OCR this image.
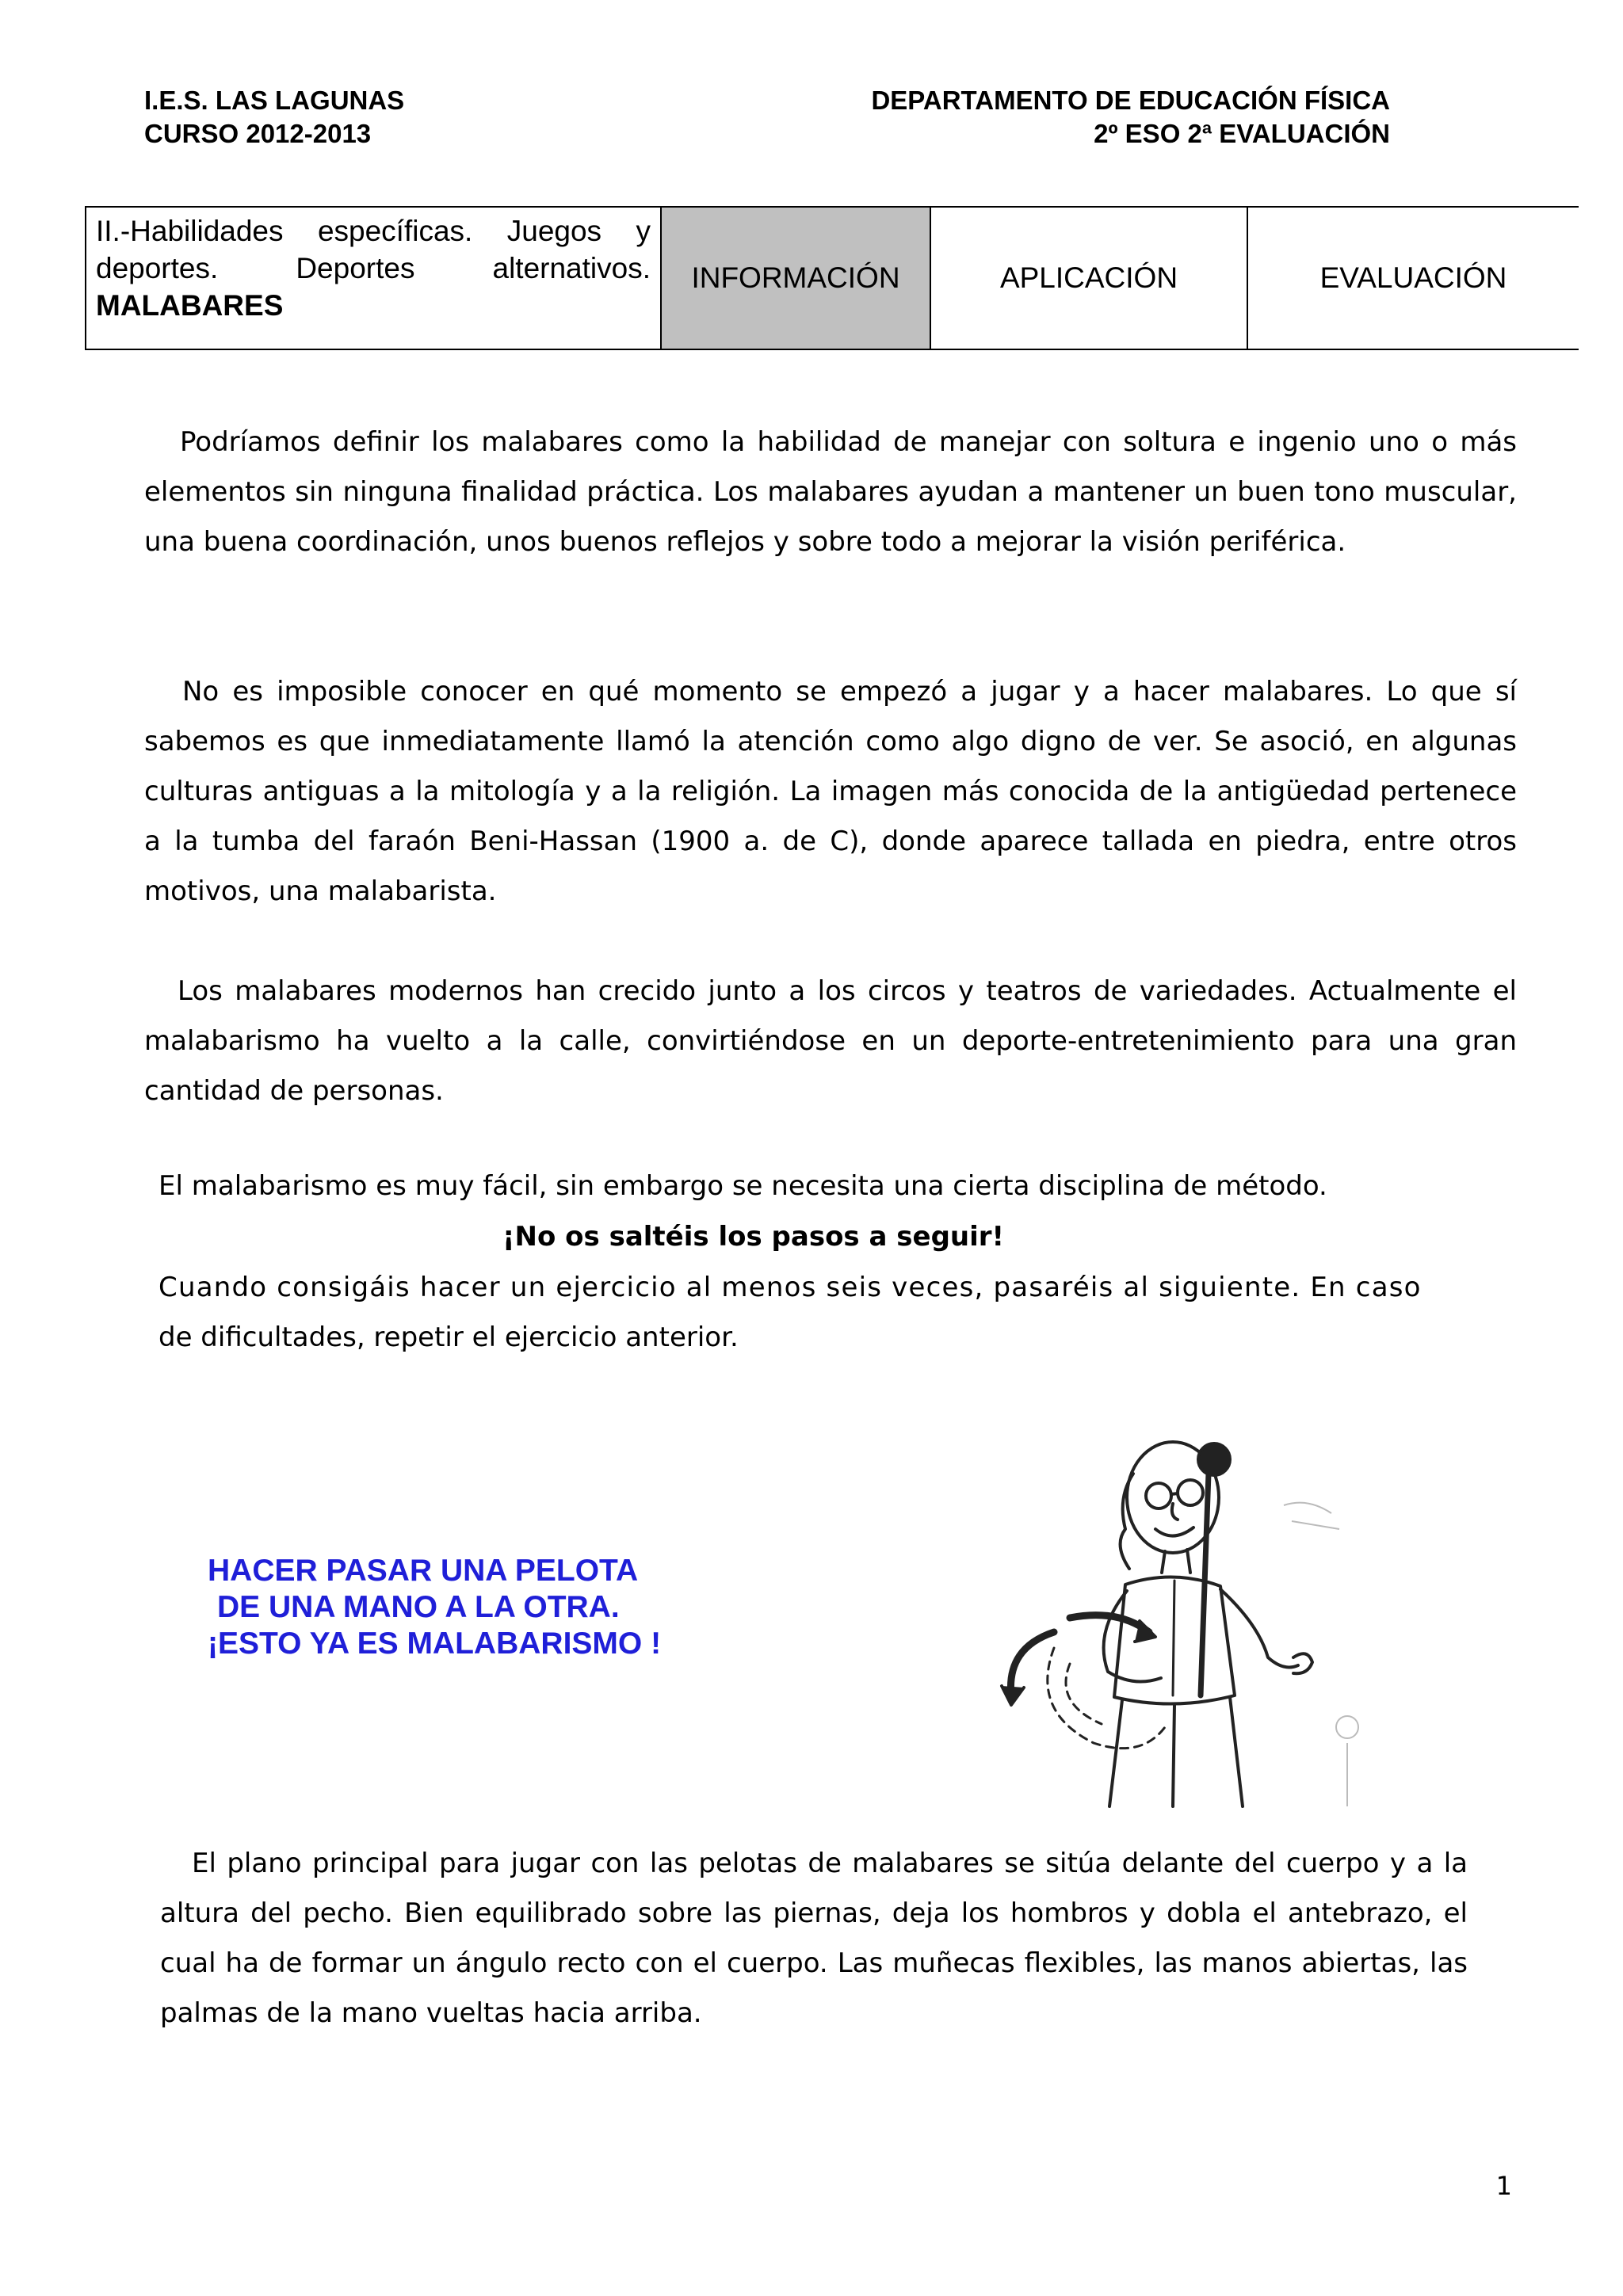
I.E.S. LAS LAGUNAS
CURSO 2012-2013
DEPARTAMENTO DE EDUCACIÓN FÍSICA
2º ESO 2ª EVALUACIÓN
II.-Habilidades específicas. Juegos y
deportes. Deportes alternativos.
MALABARES
	INFORMACIÓN	APLICACIÓN	EVALUACIÓN

Podríamos definir los malabares como la habilidad de manejar con soltura e ingenio uno o más elementos sin ninguna finalidad práctica. Los malabares ayudan a mantener un buen tono muscular, una buena coordinación, unos buenos reflejos y sobre todo a mejorar la visión periférica.

No es imposible conocer en qué momento se empezó a jugar y a hacer malabares. Lo que sí sabemos es que inmediatamente llamó la atención como algo digno de ver. Se asoció, en algunas culturas antiguas a la mitología y a la religión. La imagen más conocida de la antigüedad pertenece a la tumba del faraón Beni-Hassan (1900 a. de C), donde aparece tallada en piedra, entre otros motivos, una malabarista.

Los malabares modernos han crecido junto a los circos y teatros de variedades. Actualmente el malabarismo ha vuelto a la calle, convirtiéndose en un deporte-entretenimiento para una gran cantidad de personas.

El malabarismo es muy fácil, sin embargo se necesita una cierta disciplina de método.
¡No os saltéis los pasos a seguir!
Cuando consigáis hacer un ejercicio al menos seis veces, pasaréis al siguiente. En caso
de dificultades, repetir el ejercicio anterior.
HACER PASAR UNA PELOTA
DE UNA MANO A LA OTRA.
¡ESTO YA ES MALABARISMO !

El plano principal para jugar con las pelotas de malabares se sitúa delante del cuerpo y a la altura del pecho. Bien equilibrado sobre las piernas, deja los hombros y dobla el antebrazo, el cual ha de formar un ángulo recto con el cuerpo. Las muñecas flexibles, las manos abiertas, las palmas de la mano vueltas hacia arriba.

1
